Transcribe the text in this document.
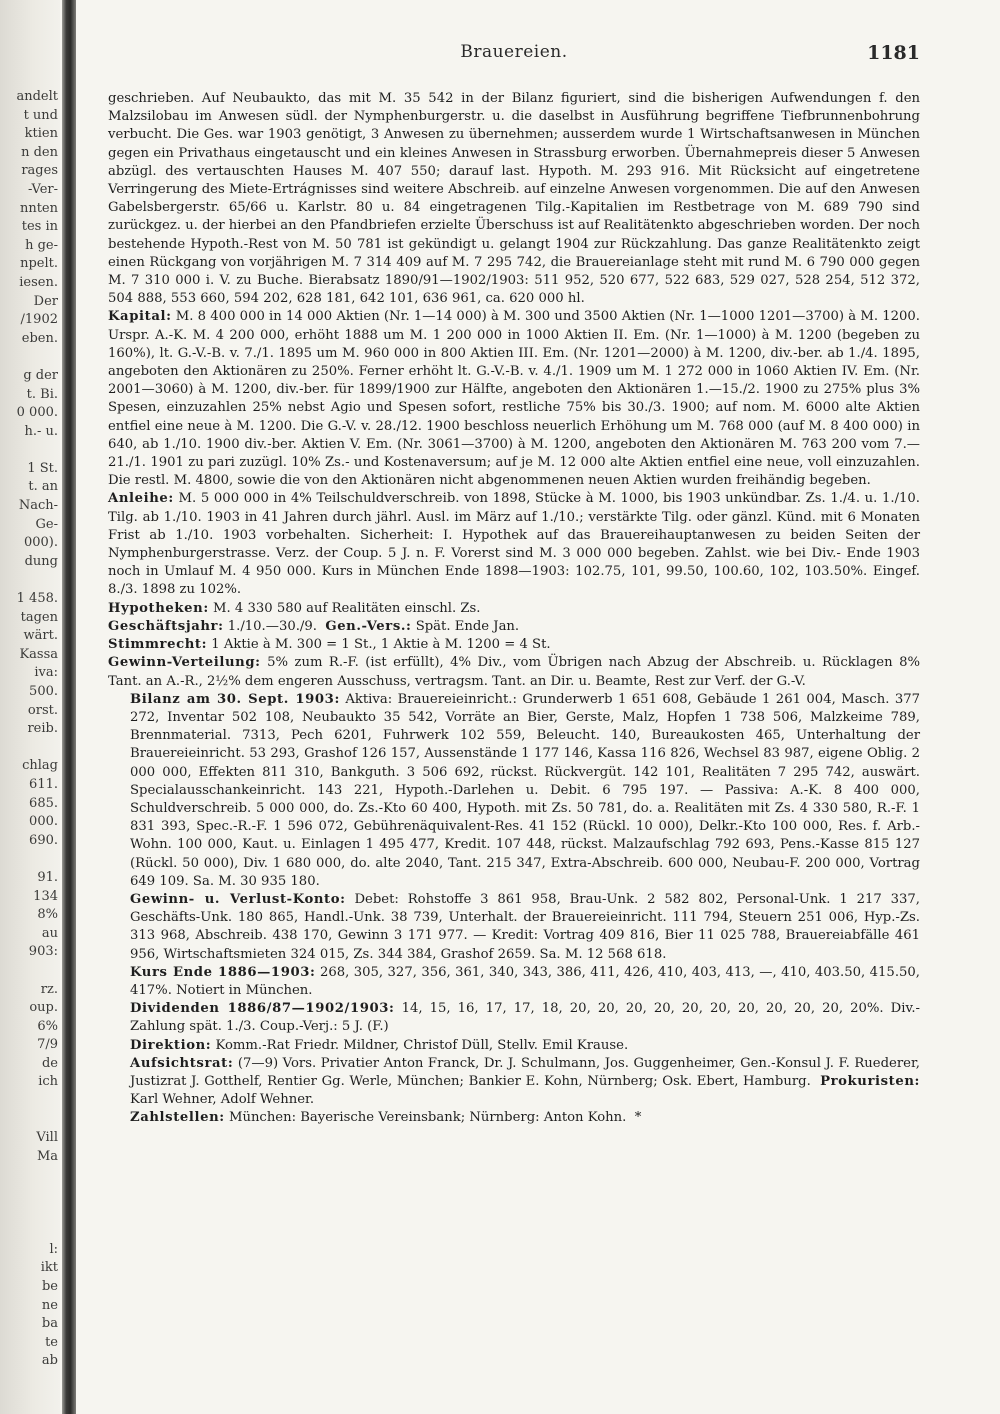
andelt
t und
ktien
n den
rages
-Ver-
nnten
tes in
h ge-
npelt.
iesen.
Der
/1902
eben.
g der
t. Bi.
0 000.
h.- u.
1 St.
t. an
Nach-
Ge-
000).
dung
1 458.
tagen
wärt.
Kassa
iva:
500.
orst.
reib.
chlag
611.
685.
000.
690.
91.
134
8%
au
903:
rz.
oup.
6%
7/9
de
ich
Vill
Ma
l:
ikt
be
ne
ba
te
ab
Brauereien.	1181

geschrieben. Auf Neubaukto, das mit M. 35 542 in der Bilanz figuriert, sind die bisherigen Aufwendungen f. den Malzsilobau im Anwesen südl. der Nymphenburgerstr. u. die daselbst in Ausführung begriffene Tiefbrunnenbohrung verbucht. Die Ges. war 1903 genötigt, 3 Anwesen zu übernehmen; ausserdem wurde 1 Wirtschaftsanwesen in München gegen ein Privathaus eingetauscht und ein kleines Anwesen in Strassburg erworben. Übernahmepreis dieser 5 Anwesen abzügl. des vertauschten Hauses M. 407 550; darauf last. Hypoth. M. 293 916. Mit Rücksicht auf eingetretene Verringerung des Miete-Ertrágnisses sind weitere Abschreib. auf einzelne Anwesen vorgenommen. Die auf den Anwesen Gabelsbergerstr. 65/66 u. Karlstr. 80 u. 84 eingetragenen Tilg.-Kapitalien im Restbetrage von M. 689 790 sind zurückgez. u. der hierbei an den Pfandbriefen erzielte Überschuss ist auf Realitätenkto abgeschrieben worden. Der noch bestehende Hypoth.-Rest von M. 50 781 ist gekündigt u. gelangt 1904 zur Rückzahlung. Das ganze Realitätenkto zeigt einen Rückgang von vorjährigen M. 7 314 409 auf M. 7 295 742, die Brauereianlage steht mit rund M. 6 790 000 gegen M. 7 310 000 i. V. zu Buche. Bierabsatz 1890/91—1902/1903: 511 952, 520 677, 522 683, 529 027, 528 254, 512 372, 504 888, 553 660, 594 202, 628 181, 642 101, 636 961, ca. 620 000 hl.

Kapital: M. 8 400 000 in 14 000 Aktien (Nr. 1—14 000) à M. 300 und 3500 Aktien (Nr. 1—1000 1201—3700) à M. 1200. Urspr. A.-K. M. 4 200 000, erhöht 1888 um M. 1 200 000 in 1000 Aktien II. Em. (Nr. 1—1000) à M. 1200 (begeben zu 160%), lt. G.-V.-B. v. 7./1. 1895 um M. 960 000 in 800 Aktien III. Em. (Nr. 1201—2000) à M. 1200, div.-ber. ab 1./4. 1895, angeboten den Aktionären zu 250%. Ferner erhöht lt. G.-V.-B. v. 4./1. 1909 um M. 1 272 000 in 1060 Aktien IV. Em. (Nr. 2001—3060) à M. 1200, div.-ber. für 1899/1900 zur Hälfte, angeboten den Aktionären 1.—15./2. 1900 zu 275% plus 3% Spesen, einzuzahlen 25% nebst Agio und Spesen sofort, restliche 75% bis 30./3. 1900; auf nom. M. 6000 alte Aktien entfiel eine neue à M. 1200. Die G.-V. v. 28./12. 1900 beschloss neuerlich Erhöhung um M. 768 000 (auf M. 8 400 000) in 640, ab 1./10. 1900 div.-ber. Aktien V. Em. (Nr. 3061—3700) à M. 1200, angeboten den Aktionären M. 763 200 vom 7.—21./1. 1901 zu pari zuzügl. 10% Zs.- und Kostenaversum; auf je M. 12 000 alte Aktien entfiel eine neue, voll einzuzahlen. Die restl. M. 4800, sowie die von den Aktionären nicht abgenommenen neuen Aktien wurden freihändig begeben.

Anleihe: M. 5 000 000 in 4% Teilschuldverschreib. von 1898, Stücke à M. 1000, bis 1903 unkündbar. Zs. 1./4. u. 1./10. Tilg. ab 1./10. 1903 in 41 Jahren durch jährl. Ausl. im März auf 1./10.; verstärkte Tilg. oder gänzl. Künd. mit 6 Monaten Frist ab 1./10. 1903 vorbehalten. Sicherheit: I. Hypothek auf das Brauereihauptanwesen zu beiden Seiten der Nymphenburgerstrasse. Verz. der Coup. 5 J. n. F. Vorerst sind M. 3 000 000 begeben. Zahlst. wie bei Div.- Ende 1903 noch in Umlauf M. 4 950 000. Kurs in München Ende 1898—1903: 102.75, 101, 99.50, 100.60, 102, 103.50%. Eingef. 8./3. 1898 zu 102%.

Hypotheken: M. 4 330 580 auf Realitäten einschl. Zs.

Geschäftsjahr: 1./10.—30./9. Gen.-Vers.: Spät. Ende Jan.

Stimmrecht: 1 Aktie à M. 300 = 1 St., 1 Aktie à M. 1200 = 4 St.

Gewinn-Verteilung: 5% zum R.-F. (ist erfüllt), 4% Div., vom Übrigen nach Abzug der Abschreib. u. Rücklagen 8% Tant. an A.-R., 2½% dem engeren Ausschuss, vertragsm. Tant. an Dir. u. Beamte, Rest zur Verf. der G.-V.

Bilanz am 30. Sept. 1903: Aktiva: Brauereieinricht.: Grunderwerb 1 651 608, Gebäude 1 261 004, Masch. 377 272, Inventar 502 108, Neubaukto 35 542, Vorräte an Bier, Gerste, Malz, Hopfen 1 738 506, Malzkeime 789, Brennmaterial. 7313, Pech 6201, Fuhrwerk 102 559, Beleucht. 140, Bureaukosten 465, Unterhaltung der Brauereieinricht. 53 293, Grashof 126 157, Aussenstände 1 177 146, Kassa 116 826, Wechsel 83 987, eigene Oblig. 2 000 000, Effekten 811 310, Bankguth. 3 506 692, rückst. Rückvergüt. 142 101, Realitäten 7 295 742, auswärt. Specialausschankeinricht. 143 221, Hypoth.-Darlehen u. Debit. 6 795 197. — Passiva: A.-K. 8 400 000, Schuldverschreib. 5 000 000, do. Zs.-Kto 60 400, Hypoth. mit Zs. 50 781, do. a. Realitäten mit Zs. 4 330 580, R.-F. 1 831 393, Spec.-R.-F. 1 596 072, Gebührenäquivalent-Res. 41 152 (Rückl. 10 000), Delkr.-Kto 100 000, Res. f. Arb.-Wohn. 100 000, Kaut. u. Einlagen 1 495 477, Kredit. 107 448, rückst. Malzaufschlag 792 693, Pens.-Kasse 815 127 (Rückl. 50 000), Div. 1 680 000, do. alte 2040, Tant. 215 347, Extra-Abschreib. 600 000, Neubau-F. 200 000, Vortrag 649 109. Sa. M. 30 935 180.

Gewinn- u. Verlust-Konto: Debet: Rohstoffe 3 861 958, Brau-Unk. 2 582 802, Personal-Unk. 1 217 337, Geschäfts-Unk. 180 865, Handl.-Unk. 38 739, Unterhalt. der Brauereieinricht. 111 794, Steuern 251 006, Hyp.-Zs. 313 968, Abschreib. 438 170, Gewinn 3 171 977. — Kredit: Vortrag 409 816, Bier 11 025 788, Brauereiabfälle 461 956, Wirtschaftsmieten 324 015, Zs. 344 384, Grashof 2659. Sa. M. 12 568 618.

Kurs Ende 1886—1903: 268, 305, 327, 356, 361, 340, 343, 386, 411, 426, 410, 403, 413, —, 410, 403.50, 415.50, 417%. Notiert in München.

Dividenden 1886/87—1902/1903: 14, 15, 16, 17, 17, 18, 20, 20, 20, 20, 20, 20, 20, 20, 20, 20, 20%. Div.-Zahlung spät. 1./3. Coup.-Verj.: 5 J. (F.)

Direktion: Komm.-Rat Friedr. Mildner, Christof Düll, Stellv. Emil Krause.

Aufsichtsrat: (7—9) Vors. Privatier Anton Franck, Dr. J. Schulmann, Jos. Guggenheimer, Gen.-Konsul J. F. Ruederer, Justizrat J. Gotthelf, Rentier Gg. Werle, München; Bankier E. Kohn, Nürnberg; Osk. Ebert, Hamburg. Prokuristen: Karl Wehner, Adolf Wehner.

Zahlstellen: München: Bayerische Vereinsbank; Nürnberg: Anton Kohn. *
